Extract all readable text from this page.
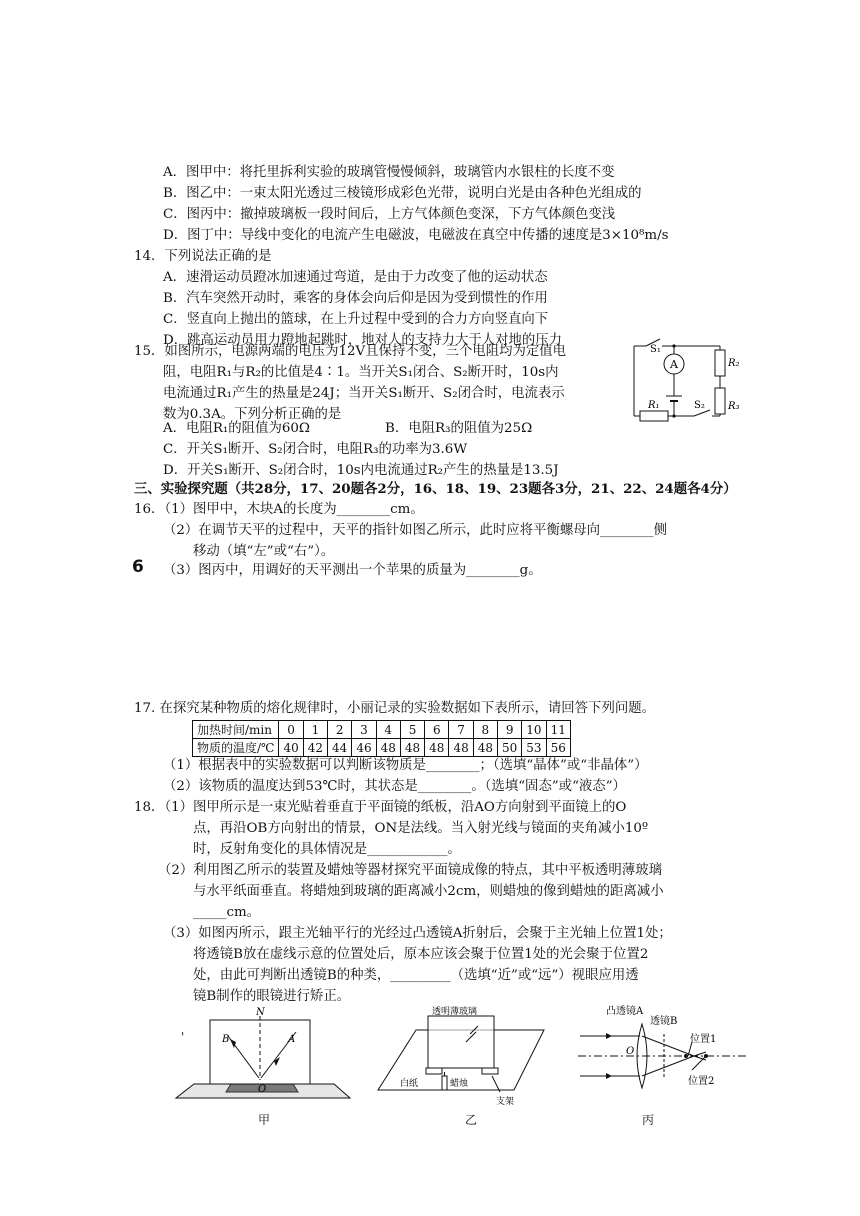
A．图甲中：将托里拆利实验的玻璃管慢慢倾斜，玻璃管内水银柱的长度不变
B．图乙中：一束太阳光透过三棱镜形成彩色光带，说明白光是由各种色光组成的
C．图丙中：撤掉玻璃板一段时间后，上方气体颜色变深，下方气体颜色变浅
D．图丁中：导线中变化的电流产生电磁波，电磁波在真空中传播的速度是3×10⁸m/s
14．下列说法正确的是
A．速滑运动员蹬冰加速通过弯道，是由于力改变了他的运动状态
B．汽车突然开动时，乘客的身体会向后仰是因为受到惯性的作用
C．竖直向上抛出的篮球，在上升过程中受到的合力方向竖直向下
D．跳高运动员用力蹬地起跳时，地对人的支持力大于人对地的压力
15．如图所示，电源两端的电压为12V且保持不变，三个电阻均为定值电
阻，电阻R₁与R₂的比值是4∶1。当开关S₁闭合、S₂断开时，10s内
电流通过R₁产生的热量是24J；当开关S₁断开、S₂闭合时，电流表示
数为0.3A。下列分析正确的是
A．电阻R₁的阻值为60Ω	B．电阻R₃的阻值为25Ω
C．开关S₁断开、S₂闭合时，电阻R₃的功率为3.6W
D．开关S₁断开、S₂闭合时，10s内电流通过R₂产生的热量是13.5J
S₁
A	R₂
R₃
R₁	S₂
三、实验探究题（共28分，17、20题各2分，16、18、19、23题各3分，21、22、24题各4分）
16．（1）图甲中，木块A的长度为________cm。
（2）在调节天平的过程中，天平的指针如图乙所示，此时应将平衡螺母向________侧
移动（填“左”或“右”）。
6 （3）图丙中，用调好的天平测出一个苹果的质量为________g。
17. 在探究某种物质的熔化规律时，小丽记录的实验数据如下表所示，请回答下列问题。
加热时间/min	0	1	2	3	4	5	6	7	8	9	10	11
物质的温度/℃	40	42	44	46	48	48	48	48	48	50	53	56
（1）根据表中的实验数据可以判断该物质是________；（选填“晶体”或“非晶体”）
（2）该物质的温度达到53℃时，其状态是________。（选填“固态”或“液态”）
18．（1）图甲所示是一束光贴着垂直于平面镜的纸板，沿AO方向射到平面镜上的O
点，再沿OB方向射出的情景，ON是法线。当入射光线与镜面的夹角减小10º
时，反射角变化的具体情况是____________。
（2）利用图乙所示的装置及蜡烛等器材探究平面镜成像的特点，其中平板透明薄玻璃
与水平纸面垂直。将蜡烛到玻璃的距离减小2cm，则蜡烛的像到蜡烛的距离减小
_____cm。
（3）如图丙所示，跟主光轴平行的光经过凸透镜A折射后，会聚于主光轴上位置1处；
将透镜B放在虚线示意的位置处后，原本应该会聚于位置1处的光会聚于位置2
处，由此可判断出透镜B的种类，_________（选填“近”或“远”）视眼应用透
镜B制作的眼镜进行矫正。
'
N
B	A
O
甲
透明薄玻璃
白纸	蜡烛
支架
乙
凸透镜A
透镜B
O
位置1
位置2
丙
